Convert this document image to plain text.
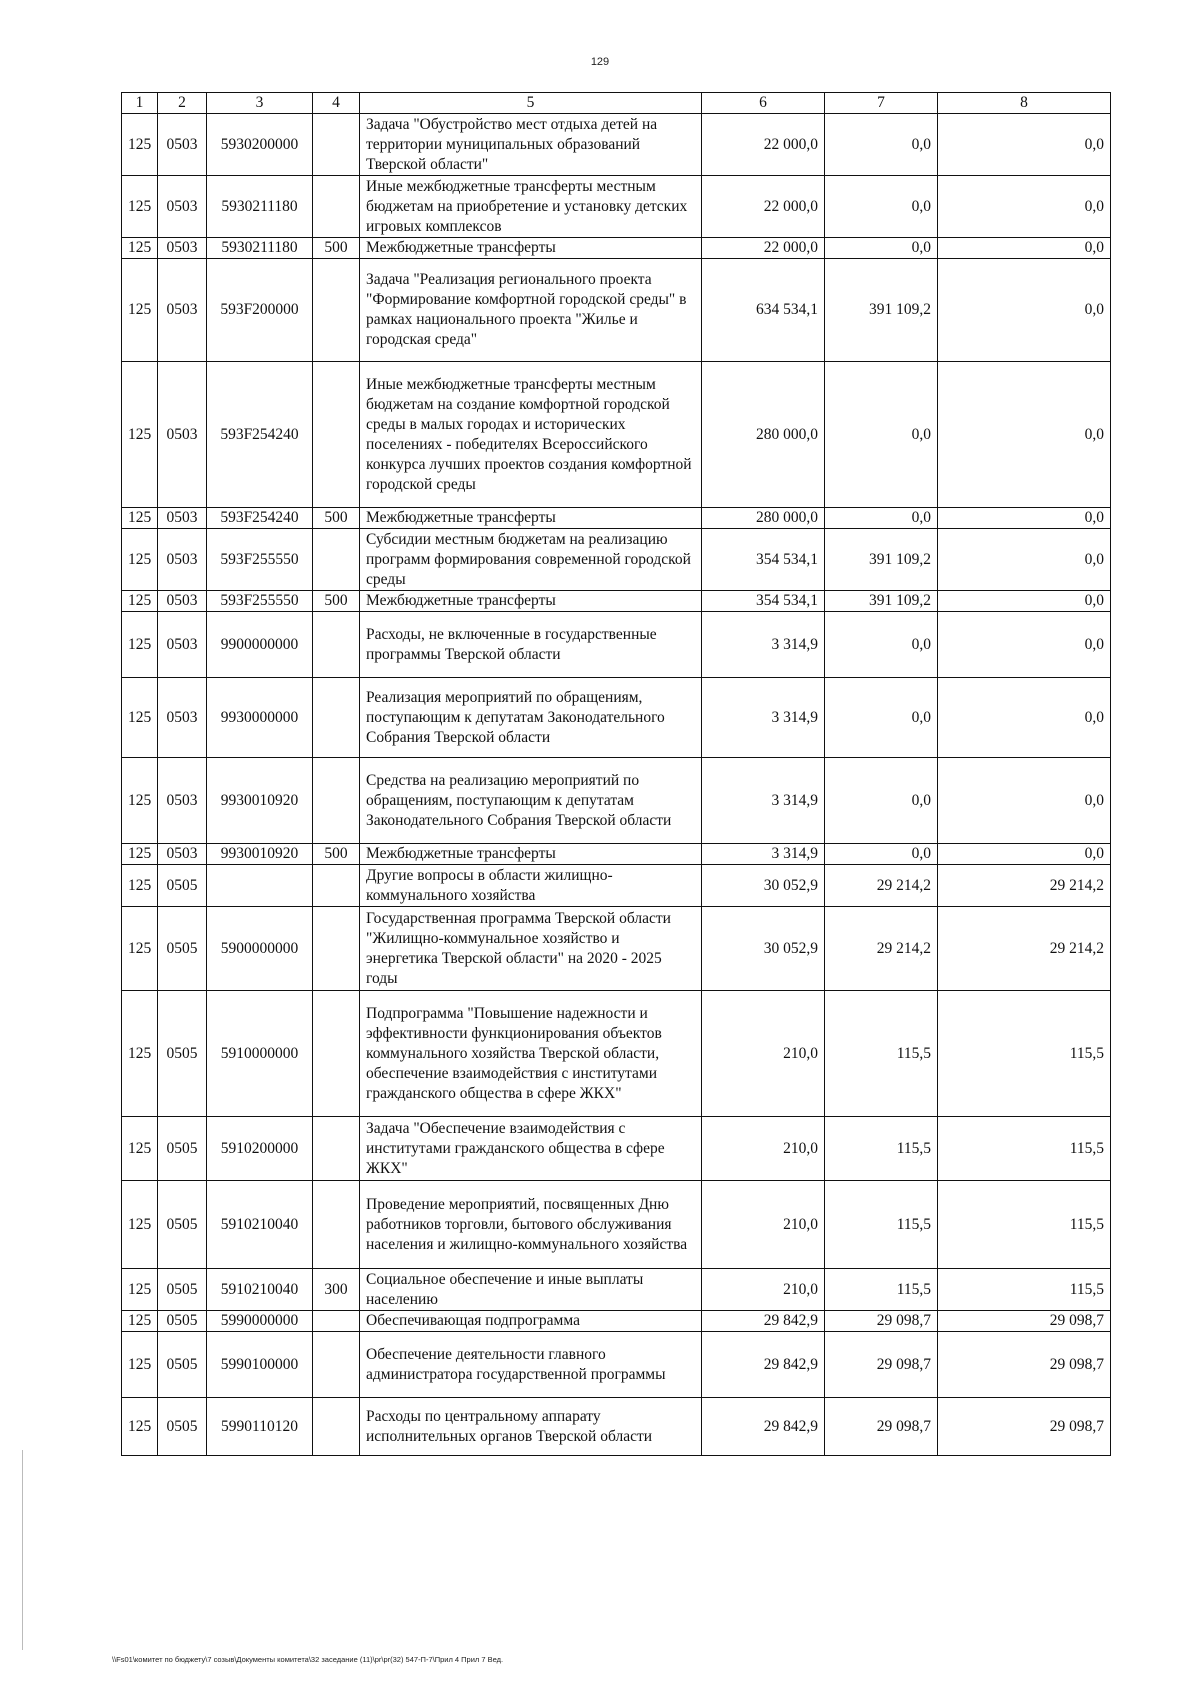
129
1	2	3	4	5	6	7	8
125	0503	5930200000		Задача "Обустройство мест отдыха детей на территории муниципальных образований Тверской области"	22 000,0	0,0	0,0
125	0503	5930211180		Иные межбюджетные трансферты местным бюджетам на приобретение и установку детских игровых комплексов	22 000,0	0,0	0,0
125	0503	5930211180	500	Межбюджетные трансферты	22 000,0	0,0	0,0
125	0503	593F200000		Задача "Реализация регионального проекта "Формирование комфортной городской среды" в рамках национального проекта "Жилье и городская среда"	634 534,1	391 109,2	0,0
125	0503	593F254240		Иные межбюджетные трансферты местным бюджетам на создание комфортной городской среды в малых городах и исторических поселениях - победителях Всероссийского конкурса лучших проектов создания комфортной городской среды	280 000,0	0,0	0,0
125	0503	593F254240	500	Межбюджетные трансферты	280 000,0	0,0	0,0
125	0503	593F255550		Субсидии местным бюджетам на реализацию программ формирования современной городской среды	354 534,1	391 109,2	0,0
125	0503	593F255550	500	Межбюджетные трансферты	354 534,1	391 109,2	0,0
125	0503	9900000000		Расходы, не включенные в государственные программы Тверской области	3 314,9	0,0	0,0
125	0503	9930000000		Реализация мероприятий по обращениям, поступающим к депутатам Законодательного Собрания Тверской области	3 314,9	0,0	0,0
125	0503	9930010920		Средства на реализацию мероприятий по обращениям, поступающим к депутатам Законодательного Собрания Тверской области	3 314,9	0,0	0,0
125	0503	9930010920	500	Межбюджетные трансферты	3 314,9	0,0	0,0
125	0505			Другие вопросы в области жилищно-коммунального хозяйства	30 052,9	29 214,2	29 214,2
125	0505	5900000000		Государственная программа Тверской области "Жилищно-коммунальное хозяйство и энергетика Тверской области" на 2020 - 2025 годы	30 052,9	29 214,2	29 214,2
125	0505	5910000000		Подпрограмма "Повышение надежности и эффективности функционирования объектов коммунального хозяйства Тверской области, обеспечение взаимодействия с институтами гражданского общества в сфере ЖКХ"	210,0	115,5	115,5
125	0505	5910200000		Задача "Обеспечение взаимодействия с институтами гражданского общества в сфере ЖКХ"	210,0	115,5	115,5
125	0505	5910210040		Проведение мероприятий, посвященных Дню работников торговли, бытового обслуживания населения и жилищно-коммунального хозяйства	210,0	115,5	115,5
125	0505	5910210040	300	Социальное обеспечение и иные выплаты населению	210,0	115,5	115,5
125	0505	5990000000		Обеспечивающая подпрограмма	29 842,9	29 098,7	29 098,7
125	0505	5990100000		Обеспечение деятельности главного администратора государственной программы	29 842,9	29 098,7	29 098,7
125	0505	5990110120		Расходы по центральному аппарату исполнительных органов Тверской области	29 842,9	29 098,7	29 098,7
\\Fs01\комитет по бюджету\7 созыв\Документы комитета\32 заседание (11)\pr\pr(32) 547-П-7\Прил 4 Прил 7 Вед.
